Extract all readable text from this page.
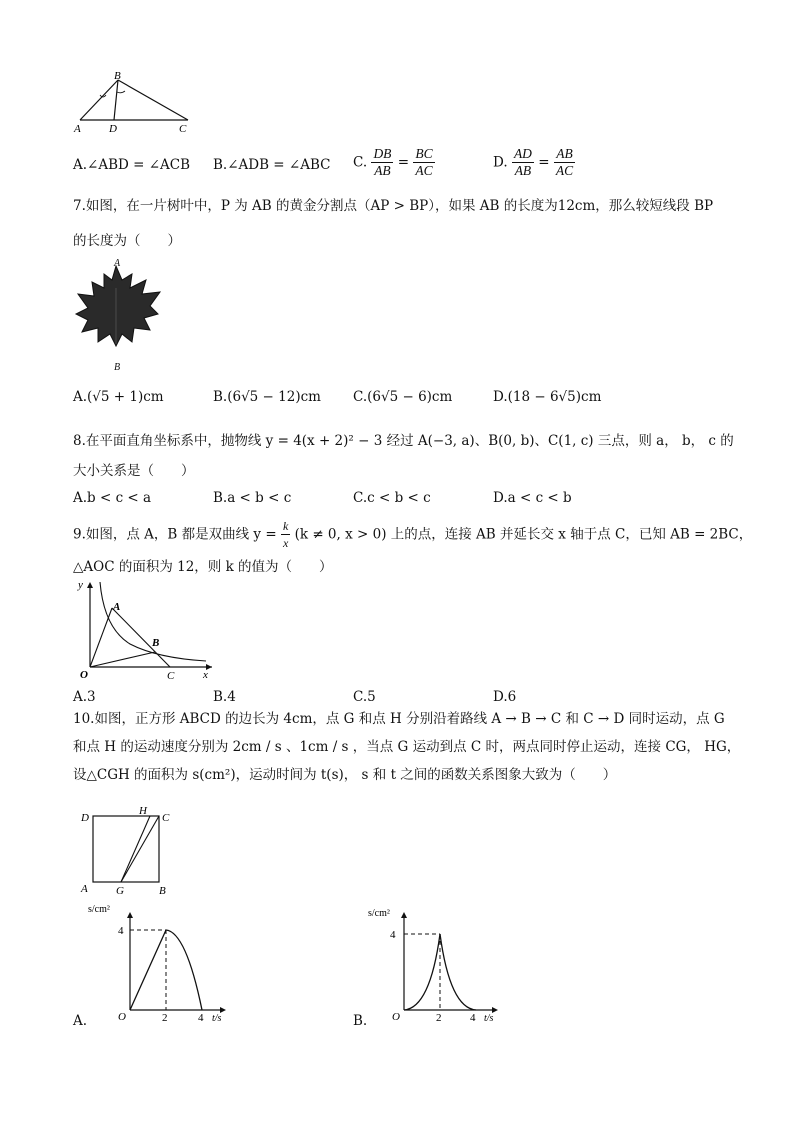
B
A	D	C
A.∠ABD = ∠ACB B.∠ADB = ∠ABC C. $\frac{DB}{AB} = \frac{BC}{AC}$	D. $\frac{AD}{AB} = \frac{AB}{AC}$
7.如图，在一片树叶中，P 为 AB 的黄金分割点（AP > BP），如果 AB 的长度为12cm，那么较短线段 BP
的长度为（　　）
A
B
A.(√5 + 1)cm	B.(6√5 − 12)cm C.(6√5 − 6)cm	D.(18 − 6√5)cm
8.在平面直角坐标系中，抛物线 y = 4(x + 2)² − 3 经过 A(−3, a)、B(0, b)、C(1, c) 三点，则 a， b， c 的
大小关系是（　　）
A.b < c < a	B.a < b < c	C.c < b < c	D.a < c < b
9.如图，点 A，B 都是双曲线 $y = \frac{k}{x} (k \ne 0$, x > 0) 上的点，连接 AB 并延长交 x 轴于点 C，已知 AB = 2BC，
△AOC 的面积为 12，则 k 的值为（　　）
y
A
B
O	C	x
A.3	B.4	C.5	D.6
10.如图，正方形 ABCD 的边长为 4cm，点 G 和点 H 分别沿着路线 A → B → C 和 C → D 同时运动，点 G
和点 H 的运动速度分别为 2cm / s 、1cm / s ，当点 G 运动到点 C 时，两点同时停止运动，连接 CG， HG，
设△CGH 的面积为 s(cm²)，运动时间为 t(s)， s 和 t 之间的函数关系图象大致为（　　）
D
H
C
A	G	B
s/cm²
4
O	2	4 t/s
A.
s/cm²
4
O	2	4 t/s
B.
